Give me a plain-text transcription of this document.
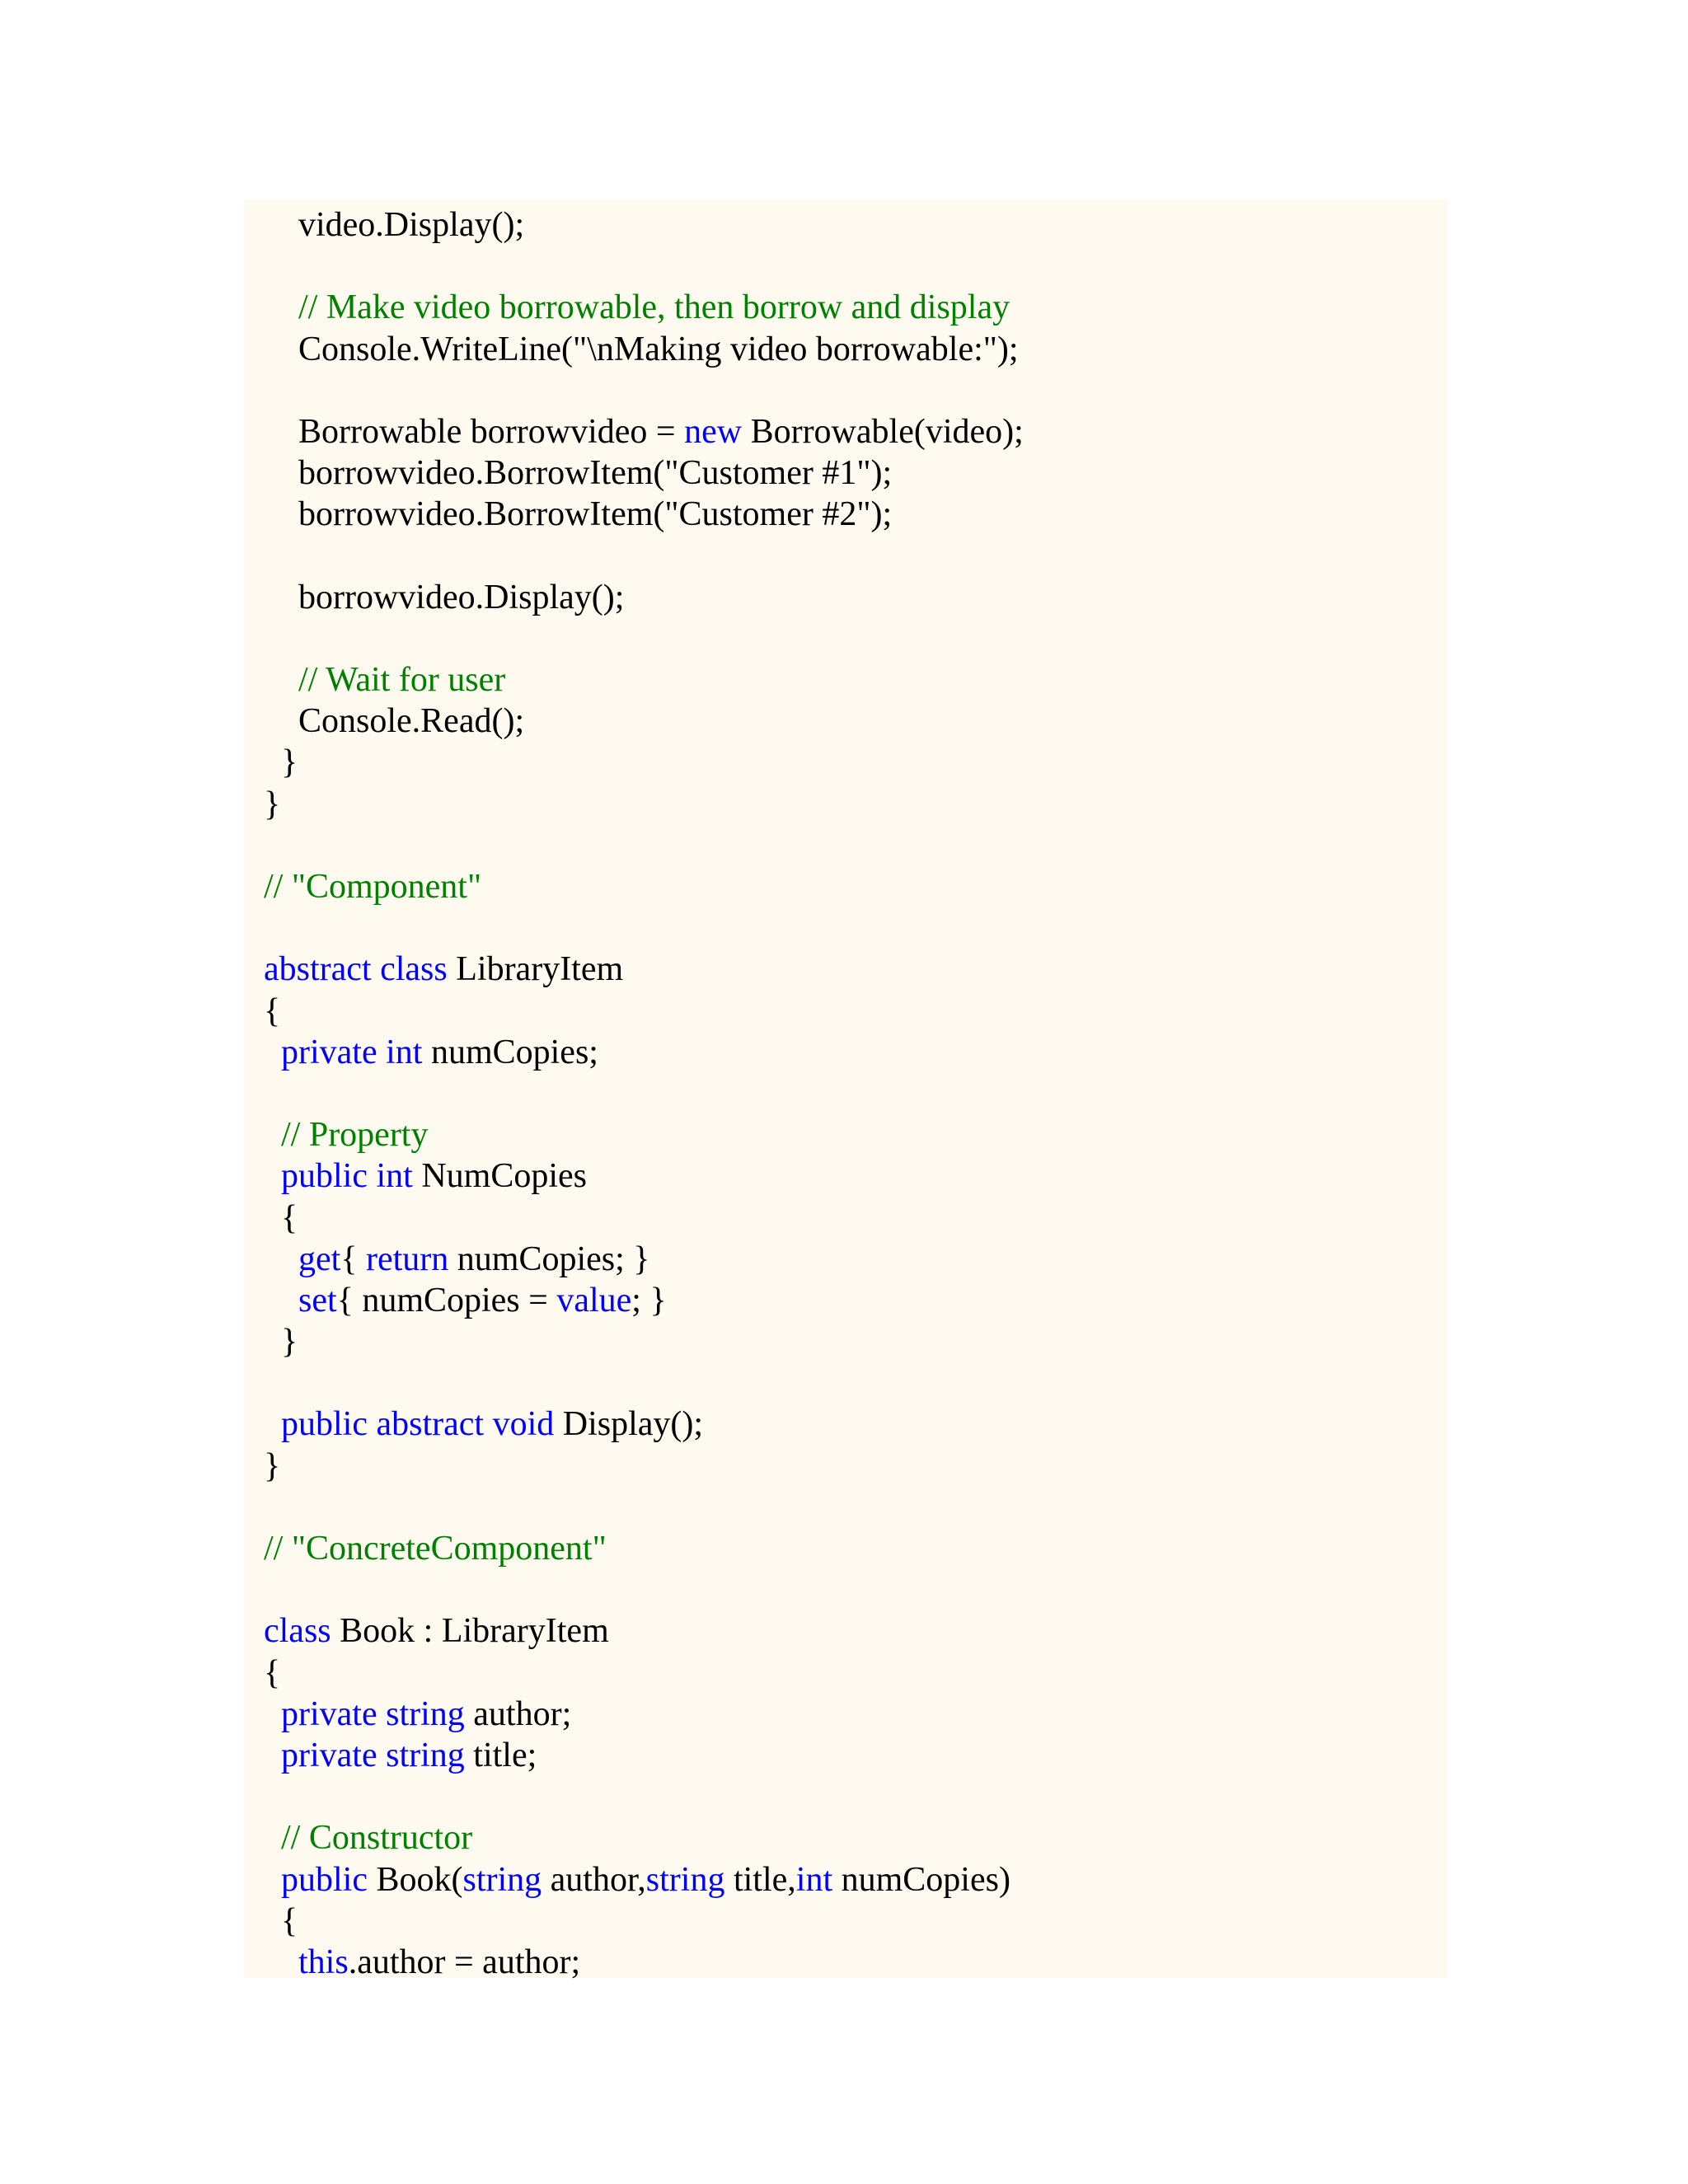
video.Display();
// Make video borrowable, then borrow and display
Console.WriteLine("\nMaking video borrowable:");
Borrowable borrowvideo = new Borrowable(video);
borrowvideo.BorrowItem("Customer #1");
borrowvideo.BorrowItem("Customer #2");
borrowvideo.Display();
// Wait for user
Console.Read();
}
}
// "Component"
abstract class LibraryItem
{
private int numCopies;
// Property
public int NumCopies
{
get{ return numCopies; }
set{ numCopies = value; }
}
public abstract void Display();
}
// "ConcreteComponent"
class Book : LibraryItem
{
private string author;
private string title;
// Constructor
public Book(string author,string title,int numCopies)
{
this.author = author;
